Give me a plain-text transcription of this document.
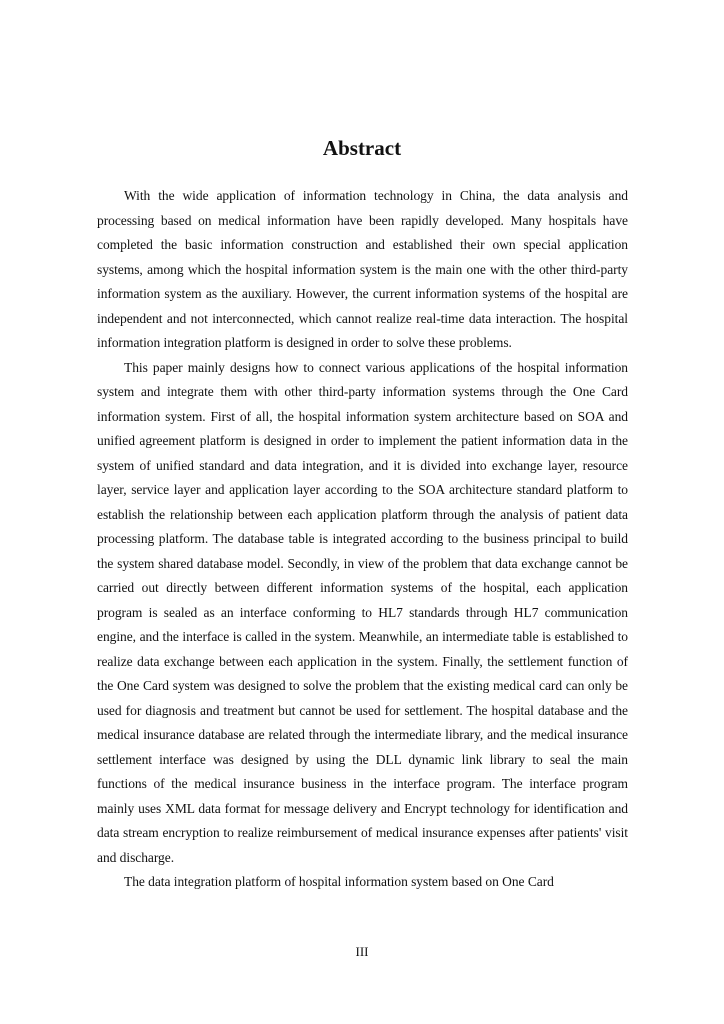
Abstract

With the wide application of information technology in China, the data analysis and processing based on medical information have been rapidly developed. Many hospitals have completed the basic information construction and established their own special application systems, among which the hospital information system is the main one with the other third-party information system as the auxiliary. However, the current information systems of the hospital are independent and not interconnected, which cannot realize real-time data interaction. The hospital information integration platform is designed in order to solve these problems.

This paper mainly designs how to connect various applications of the hospital information system and integrate them with other third-party information systems through the One Card information system. First of all, the hospital information system architecture based on SOA and unified agreement platform is designed in order to implement the patient information data in the system of unified standard and data integration, and it is divided into exchange layer, resource layer, service layer and application layer according to the SOA architecture standard platform to establish the relationship between each application platform through the analysis of patient data processing platform. The database table is integrated according to the business principal to build the system shared database model. Secondly, in view of the problem that data exchange cannot be carried out directly between different information systems of the hospital, each application program is sealed as an interface conforming to HL7 standards through HL7 communication engine, and the interface is called in the system. Meanwhile, an intermediate table is established to realize data exchange between each application in the system. Finally, the settlement function of the One Card system was designed to solve the problem that the existing medical card can only be used for diagnosis and treatment but cannot be used for settlement. The hospital database and the medical insurance database are related through the intermediate library, and the medical insurance settlement interface was designed by using the DLL dynamic link library to seal the main functions of the medical insurance business in the interface program. The interface program mainly uses XML data format for message delivery and Encrypt technology for identification and data stream encryption to realize reimbursement of medical insurance expenses after patients' visit and discharge.

The data integration platform of hospital information system based on One Card

III
